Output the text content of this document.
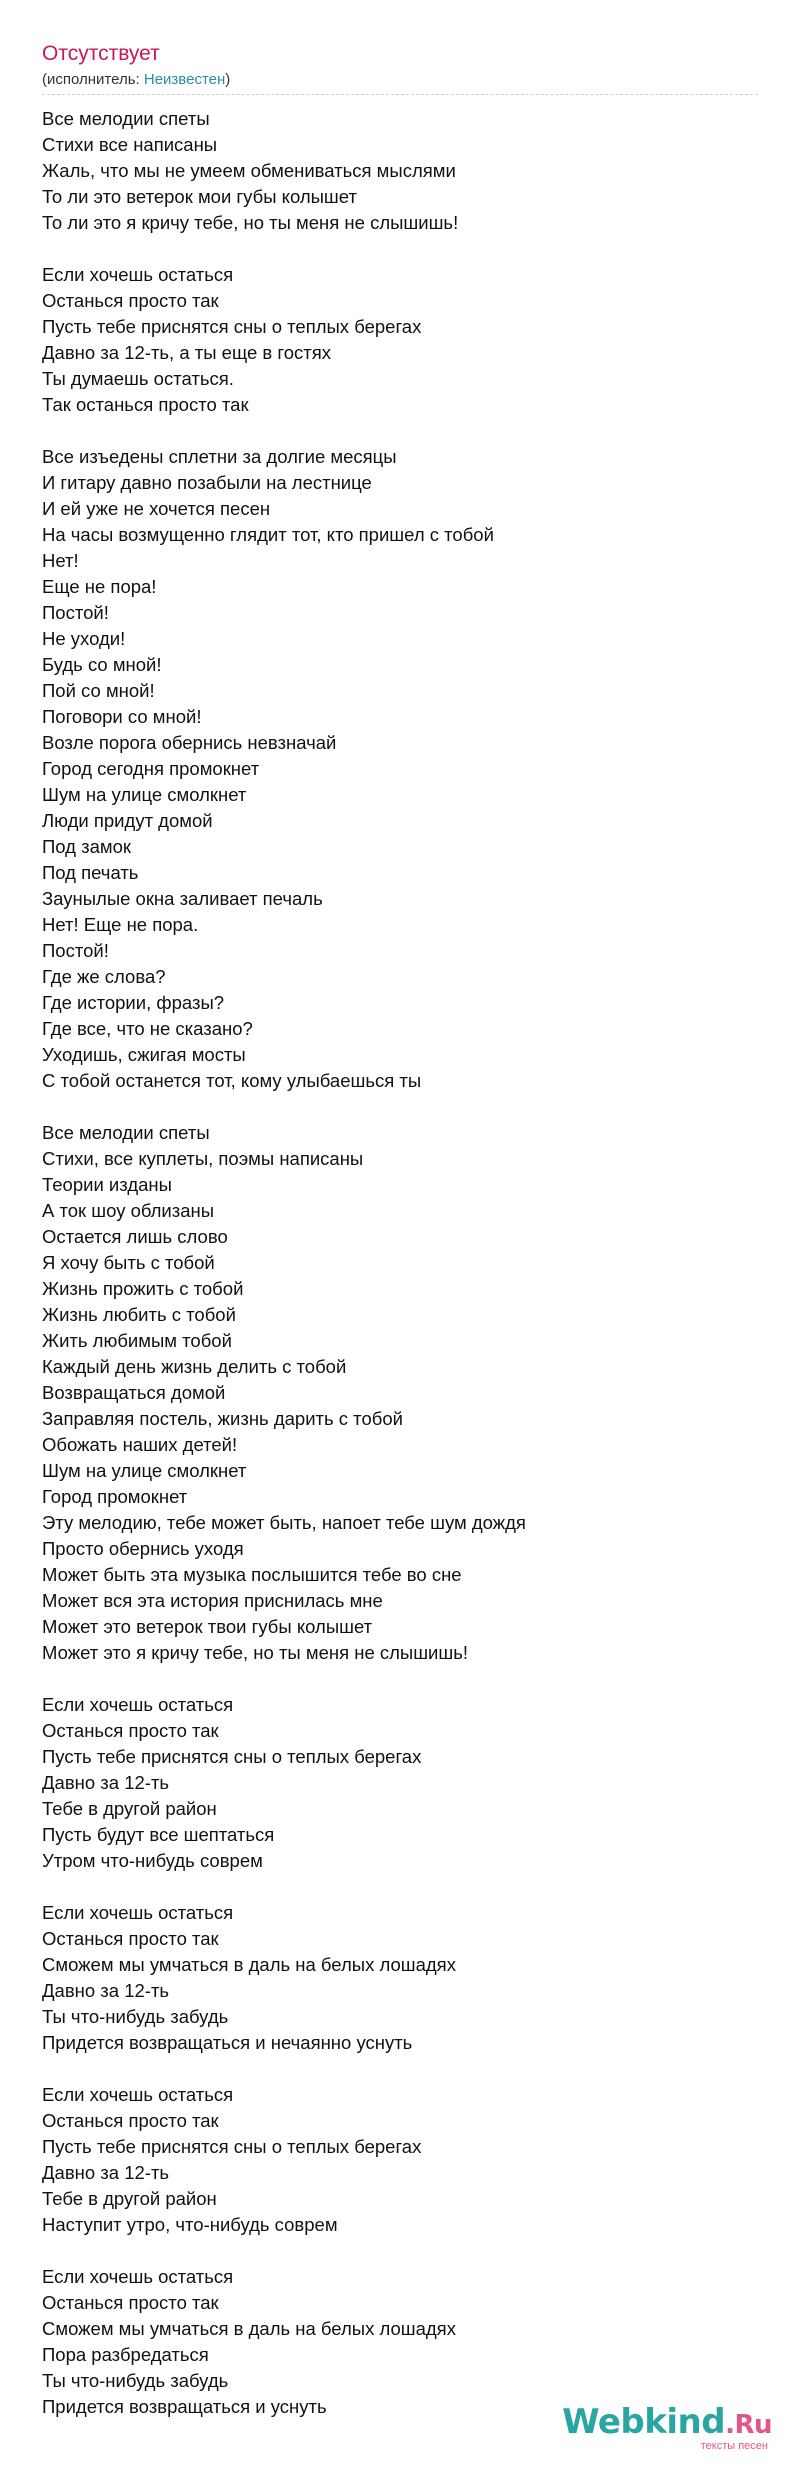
Отсутствует
(исполнитель: Неизвестен)
Все мелодии спеты
Стихи все написаны
Жаль, что мы не умеем обмениваться мыслями
То ли это ветерок мои губы колышет
То ли это я кричу тебе, но ты меня не слышишь!
Если хочешь остаться
Останься просто так
Пусть тебе приснятся сны о теплых берегах
Давно за 12-ть, а ты еще в гостях
Ты думаешь остаться.
Так останься просто так
Все изъедены сплетни за долгие месяцы
И гитару давно позабыли на лестнице
И ей уже не хочется песен
На часы возмущенно глядит тот, кто пришел с тобой
Нет!
Еще не пора!
Постой!
Не уходи!
Будь со мной!
Пой со мной!
Поговори со мной!
Возле порога обернись невзначай
Город сегодня промокнет
Шум на улице смолкнет
Люди придут домой
Под замок
Под печать
Заунылые окна заливает печаль
Нет! Еще не пора.
Постой!
Где же слова?
Где истории, фразы?
Где все, что не сказано?
Уходишь, сжигая мосты
С тобой останется тот, кому улыбаешься ты
Все мелодии спеты
Стихи, все куплеты, поэмы написаны
Теории изданы
А ток шоу облизаны
Остается лишь слово
Я хочу быть с тобой
Жизнь прожить с тобой
Жизнь любить с тобой
Жить любимым тобой
Каждый день жизнь делить с тобой
Возвращаться домой
Заправляя постель, жизнь дарить с тобой
Обожать наших детей!
Шум на улице смолкнет
Город промокнет
Эту мелодию, тебе может быть, напоет тебе шум дождя
Просто обернись уходя
Может быть эта музыка послышится тебе во сне
Может вся эта история приснилась мне
Может это ветерок твои губы колышет
Может это я кричу тебе, но ты меня не слышишь!
Если хочешь остаться
Останься просто так
Пусть тебе приснятся сны о теплых берегах
Давно за 12-ть
Тебе в другой район
Пусть будут все шептаться
Утром что-нибудь соврем
Если хочешь остаться
Останься просто так
Сможем мы умчаться в даль на белых лошадях
Давно за 12-ть
Ты что-нибудь забудь
Придется возвращаться и нечаянно уснуть
Если хочешь остаться
Останься просто так
Пусть тебе приснятся сны о теплых берегах
Давно за 12-ть
Тебе в другой район
Наступит утро, что-нибудь соврем
Если хочешь остаться
Останься просто так
Сможем мы умчаться в даль на белых лошадях
Пора разбредаться
Ты что-нибудь забудь
Придется возвращаться и уснуть	Webkind.Ru
тексты песен
